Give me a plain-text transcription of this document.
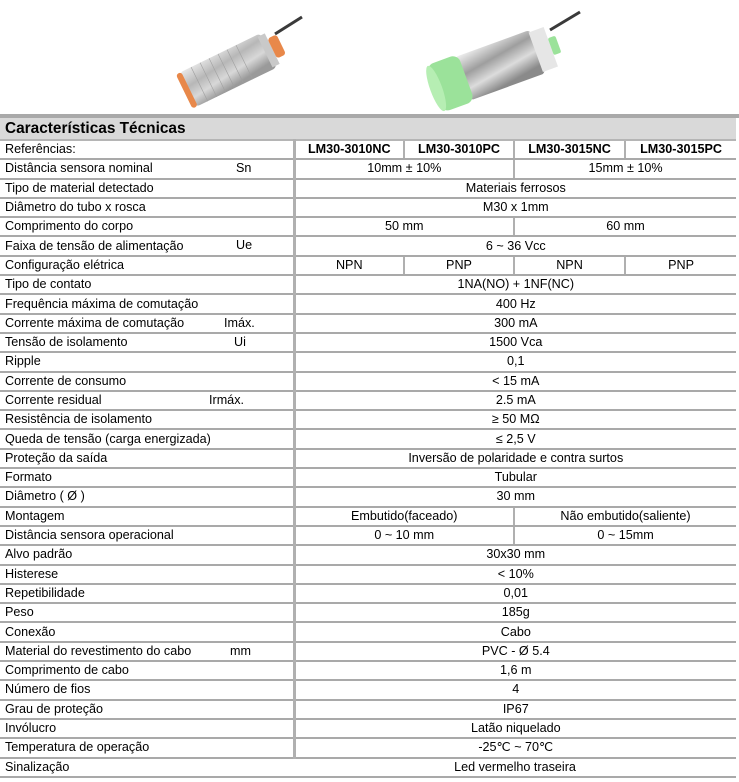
Características Técnicas				
Referências:	LM30-3010NC	LM30-3010PC	LM30-3015NC	LM30-3015PC
Distância sensora nominal Sn	10mm ± 10%		15mm ± 10%	
Tipo de material detectado	Materiais ferrosos			
Diâmetro do tubo x rosca	M30 x 1mm			
Comprimento do corpo	50 mm		60 mm	
Faixa de tensão de alimentação Ue	6 ~ 36 Vcc			
Configuração elétrica	NPN	PNP	NPN	PNP
Tipo de contato	1NA(NO) + 1NF(NC)			
Frequência máxima de comutação	400 Hz			
Corrente máxima de comutação Imáx.	300 mA			
Tensão de isolamento Ui	1500 Vca			
Ripple	0,1			
Corrente de consumo	< 15 mA			
Corrente residual Irmáx.	2.5 mA			
Resistência de isolamento	≥ 50 MΩ			
Queda de tensão (carga energizada)	≤ 2,5 V			
Proteção da saída	Inversão de polaridade e contra surtos			
Formato	Tubular			
Diâmetro ( Ø )	30 mm			
Montagem	Embutido(faceado)		Não embutido(saliente)	
Distância sensora operacional	0 ~ 10 mm		0 ~ 15mm	
Alvo padrão	30x30 mm			
Histerese	< 10%			
Repetibilidade	0,01			
Peso	185g			
Conexão	Cabo			
Material do revestimento do cabo mm	PVC - Ø 5.4			
Comprimento de cabo	1,6 m			
Número de fios	4			
Grau de proteção	IP67			
Invólucro	Latão niquelado			
Temperatura de operação	-25℃ ~ 70℃			
Sinalização	Led vermelho traseira			
